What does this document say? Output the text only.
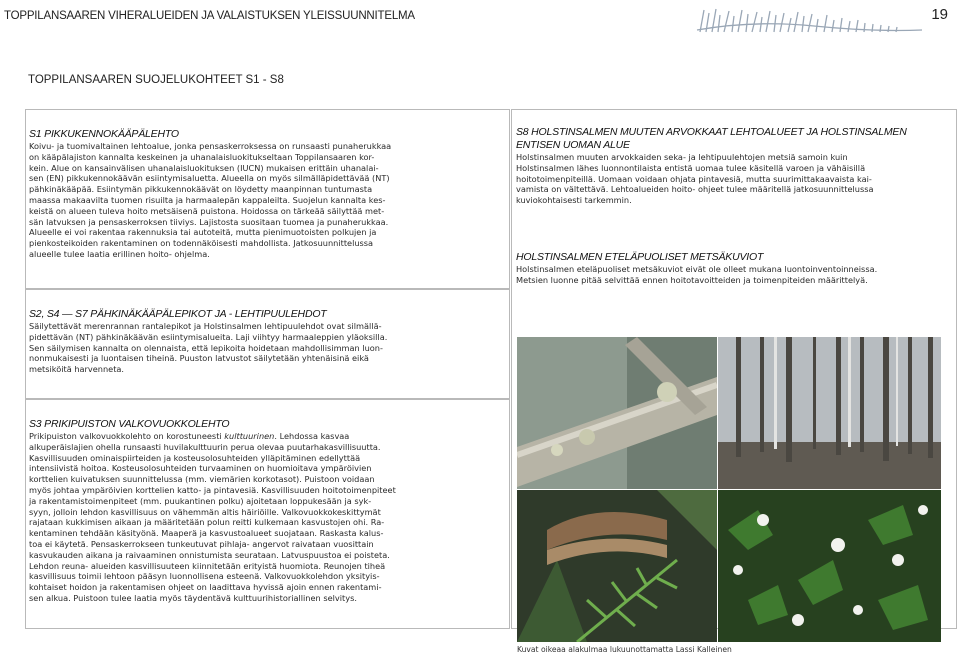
TOPPILANSAAREN VIHERALUEIDEN JA VALAISTUKSEN YLEISSUUNNITELMA	19
TOPPILANSAAREN SUOJELUKOHTEET S1 - S8

S1 PIKKUKENNOKÄÄPÄLEHTO

Koivu- ja tuomivaltainen lehtoalue, jonka pensaskerroksessa on runsaasti punaherukkaa
on kääpälajiston kannalta keskeinen ja uhanalaisluokitukseltaan Toppilansaaren kor-
kein. Alue on kansainvälisen uhanalaisluokituksen (IUCN) mukaisen erittäin uhanalai-
sen (EN) pikkukennokäävän esiintymisaluetta. Alueella on myös silmälläpidettävää (NT)
pähkinäkääpää. Esiintymän pikkukennokäävät on löydetty maanpinnan tuntumasta
maassa makaavilta tuomen risuilta ja harmaalepän kappaleilta. Suojelun kannalta kes-
keistä on alueen tuleva hoito metsäisenä puistona. Hoidossa on tärkeää säilyttää met-
sän latvuksen ja pensaskerroksen tiiviys. Lajistosta suositaan tuomea ja punaherukkaa.
Alueelle ei voi rakentaa rakennuksia tai autoteitä, mutta pienimuotoisten polkujen ja
pienkosteikoiden rakentaminen on todennäköisesti mahdollista. Jatkosuunnittelussa
alueelle tulee laatia erillinen hoito- ohjelma.

S2, S4 — S7 PÄHKINÄKÄÄPÄLEPIKOT JA - LEHTIPUULEHDOT

Säilytettävät merenrannan rantalepikot ja Holstinsalmen lehtipuulehdot ovat silmällä-
pidettävän (NT) pähkinäkäävän esiintymisalueita. Laji viihtyy harmaaleppien yläoksilla.
Sen säilymisen kannalta on olennaista, että lepikoita hoidetaan mahdollisimman luon-
nonmukaisesti ja luontaisen tiheinä. Puuston latvustot säilytetään yhtenäisinä eikä
metsiköitä harvenneta.

S3 PRIKIPUISTON VALKOVUOKKOLEHTO

Prikipuiston valkovuokkolehto on korostuneesti kulttuurinen. Lehdossa kasvaa
alkuperäislajien ohella runsaasti huvilakulttuurin perua olevaa puutarhakasvillisuutta.
Kasvillisuuden ominaispiirteiden ja kosteusolosuhteiden ylläpitäminen edellyttää
intensiivistä hoitoa. Kosteusolosuhteiden turvaaminen on huomioitava ympäröivien
korttelien kuivatuksen suunnittelussa (mm. viemärien korkotasot). Puistoon voidaan
myös johtaa ympäröivien korttelien katto- ja pintavesiä. Kasvillisuuden hoitotoimenpiteet
ja rakentamistoimenpiteet (mm. puukantinen polku) ajoitetaan loppukesään ja syk-
syyn, jolloin lehdon kasvillisuus on vähemmän altis häiriöille. Valkovuokkokeskittymät
rajataan kukkimisen aikaan ja määritetään polun reitti kulkemaan kasvustojen ohi. Ra-
kentaminen tehdään käsityönä. Maaperä ja kasvustoalueet suojataan. Raskasta kalus-
toa ei käytetä. Pensaskerrokseen tunkeutuvat pihlaja- angervot raivataan vuosittain
kasvukauden aikana ja raivaaminen onnistumista seurataan. Latvuspuustoa ei poisteta.
Lehdon reuna- alueiden kasvillisuuteen kiinnitetään erityistä huomiota. Reunojen tiheä
kasvillisuus toimii lehtoon pääsyn luonnollisena esteenä. Valkovuokkolehdon yksityis-
kohtaiset hoidon ja rakentamisen ohjeet on laadittava hyvissä ajoin ennen rakentami-
sen alkua. Puistoon tulee laatia myös täydentävä kulttuurihistoriallinen selvitys.

S8 HOLSTINSALMEN MUUTEN ARVOKKAAT LEHTOALUEET JA HOLSTINSALMEN ENTISEN UOMAN ALUE

Holstinsalmen muuten arvokkaiden seka- ja lehtipuulehtojen metsiä samoin kuin
Holstinsalmen lähes luonnontilaista entistä uomaa tulee käsitellä varoen ja vähäisillä
hoitotoimenpiteillä. Uomaan voidaan ohjata pintavesiä, mutta suurimittakaavaista kai-
vamista on vältettävä. Lehtoalueiden hoito- ohjeet tulee määritellä jatkosuunnittelussa
kuviokohtaisesti tarkemmin.

HOLSTINSALMEN ETELÄPUOLISET METSÄKUVIOT

Holstinsalmen eteläpuoliset metsäkuviot eivät ole olleet mukana luontoinventoinneissa.
Metsien luonne pitää selvittää ennen hoitotavoitteiden ja toimenpiteiden määrittelyä.

Kuvat oikeaa alakulmaa lukuunottamatta Lassi Kalleinen
